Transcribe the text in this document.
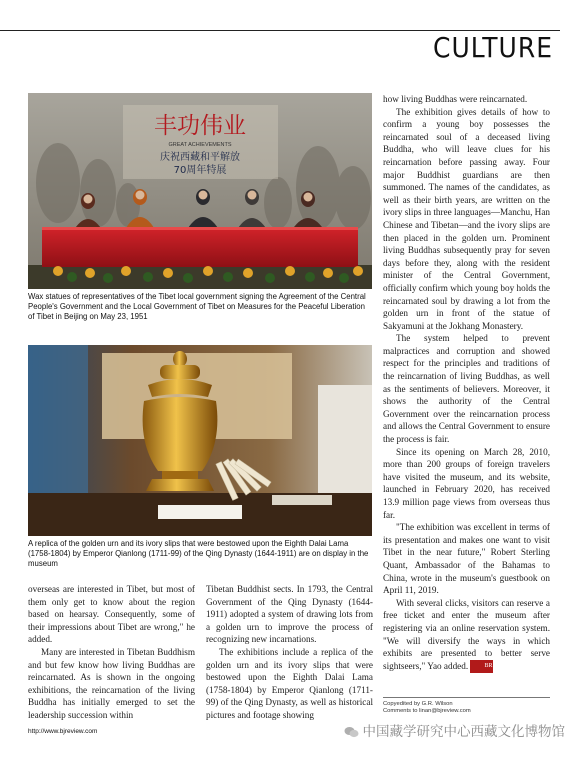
CULTURE
丰功伟业
GREAT ACHIEVEMENTS
庆祝西藏和平解放
70周年特展
Wax statues of representatives of the Tibet local government signing the Agreement of the Central People's Government and the Local Government of Tibet on Measures for the Peaceful Liberation of Tibet in Beijing on May 23, 1951
A replica of the golden urn and its ivory slips that were bestowed upon the Eighth Dalai Lama (1758-1804) by Emperor Qianlong (1711-99) of the Qing Dynasty (1644-1911) are on display in the museum

how living Buddhas were reincarnated.

The exhibition gives details of how to confirm a young boy possesses the reincarnated soul of a deceased living Buddha, who will leave clues for his reincarnation before passing away. Four major Buddhist guardians are then summoned. The names of the candidates, as well as their birth years, are written on the ivory slips in three languages—Manchu, Han Chinese and Tibetan—and the ivory slips are then placed in the golden urn. Prominent living Buddhas subsequently pray for seven days before they, along with the resident minister of the Central Government, officially confirm which young boy holds the reincarnated soul by drawing a lot from the golden urn in front of the statue of Sakyamuni at the Jokhang Monastery.

The system helped to prevent malpractices and corruption and showed respect for the principles and traditions of the reincarnation of living Buddhas, as well as the sentiments of believers. Moreover, it shows the authority of the Central Government over the reincarnation process and allows the Central Government to ensure the process is fair.

Since its opening on March 28, 2010, more than 200 groups of foreign travelers have visited the museum, and its website, launched in February 2020, has received 13.9 million page views from overseas thus far.

"The exhibition was excellent in terms of its presentation and makes one want to visit Tibet in the near future," Robert Sterling Quant, Ambassador of the Bahamas to China, wrote in the museum's guestbook on April 11, 2019.

With several clicks, visitors can reserve a free ticket and enter the museum after registering via an online reservation system. "We will diversify the ways in which exhibits are presented to better serve sightseers," Yao added.	BR

overseas are interested in Tibet, but most of them only get to know about the region based on hearsay. Consequently, some of their impressions about Tibet are wrong," he added.

Many are interested in Tibetan Buddhism and but few know how living Buddhas are reincarnated. As is shown in the ongoing exhibitions, the reincarnation of the living Buddha has initially emerged to set the leadership succession within

Tibetan Buddhist sects. In 1793, the Central Government of the Qing Dynasty (1644-1911) adopted a system of drawing lots from a golden urn to improve the process of recognizing new incarnations.

The exhibitions include a replica of the golden urn and its ivory slips that were bestowed upon the Eighth Dalai Lama (1758-1804) by Emperor Qianlong (1711-99) of the Qing Dynasty, as well as historical pictures and footage showing

Copyedited by G.R. Wilson
Comments to linan@bjreview.com
http://www.bjreview.com	中国藏学研究中心西藏文化博物馆
